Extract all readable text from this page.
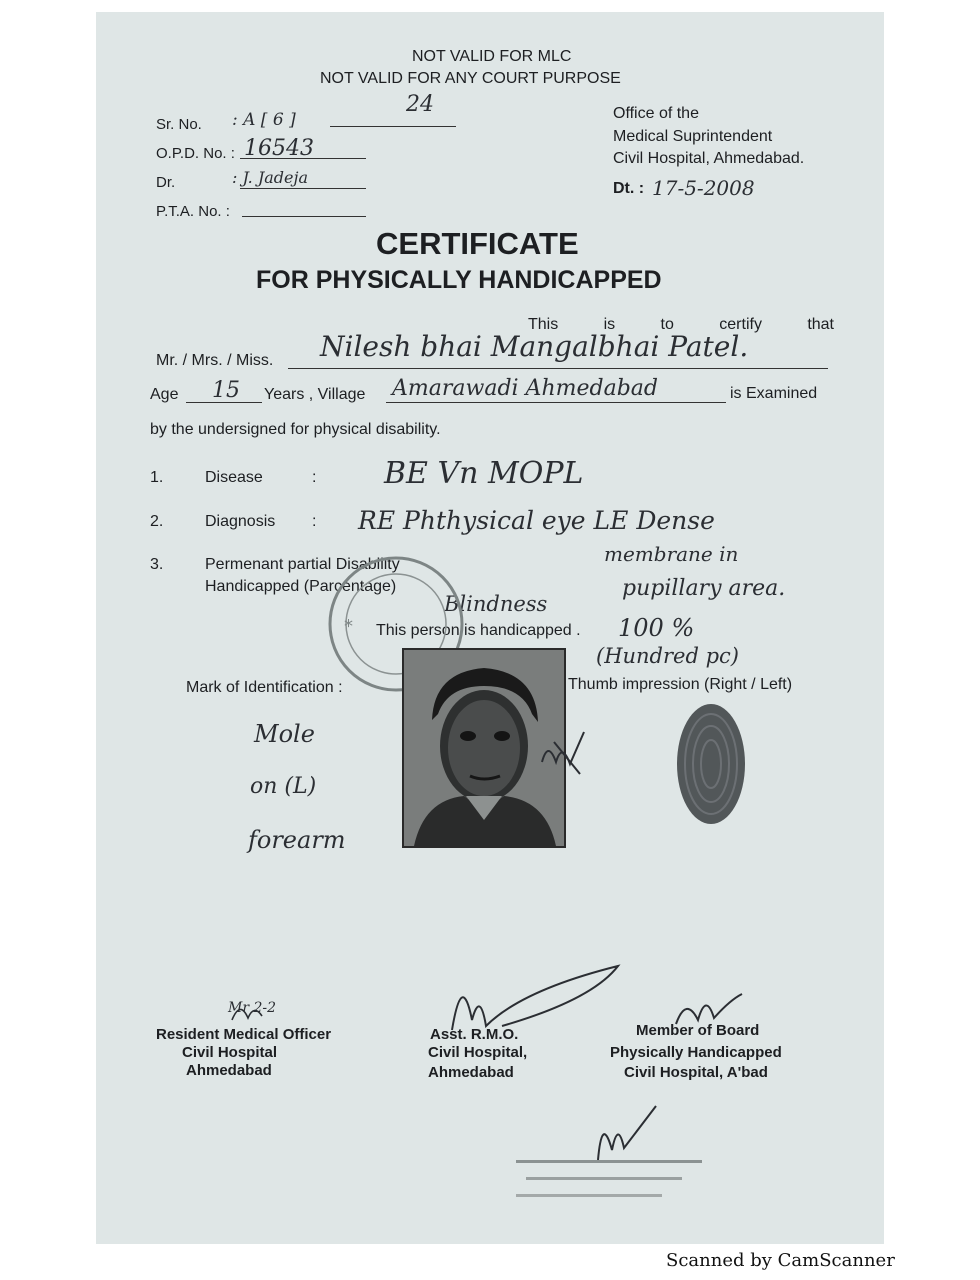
NOT VALID FOR MLC
NOT VALID FOR ANY COURT PURPOSE
24
Sr. No. : A [ 6 ]
O.P.D. No. : 16543
Dr.	: J. Jadeja
P.T.A. No. :
Office of the
Medical Suprintendent
Civil Hospital, Ahmedabad.
Dt. : 17-5-2008
CERTIFICATE
FOR PHYSICALLY HANDICAPPED
This	is	to	certify	that
Mr. / Mrs. / Miss. Nilesh bhai Mangalbhai Patel.
Age 15 Years , Village Amarawadi Ahmedabad	is Examined
by the undersigned for physical disability.
1.	Disease	: BE Vn MOPL
2.	Diagnosis : RE Phthysical eye LE Dense
membrane in
pupillary area.
3.	Permenant partial Disability
Handicapped (Parcentage)
Blindness
This person is handicapped . 100 %
(Hundred pc)
*
Mark of Identification :	Thumb impression (Right / Left)
Mole
on (L)
forearm
Mr 2-2
Resident Medical Officer
Civil Hospital
Ahmedabad
Asst. R.M.O.
Civil Hospital,
Ahmedabad
Member of Board
Physically Handicapped
Civil Hospital, A'bad
Scanned by CamScanner
